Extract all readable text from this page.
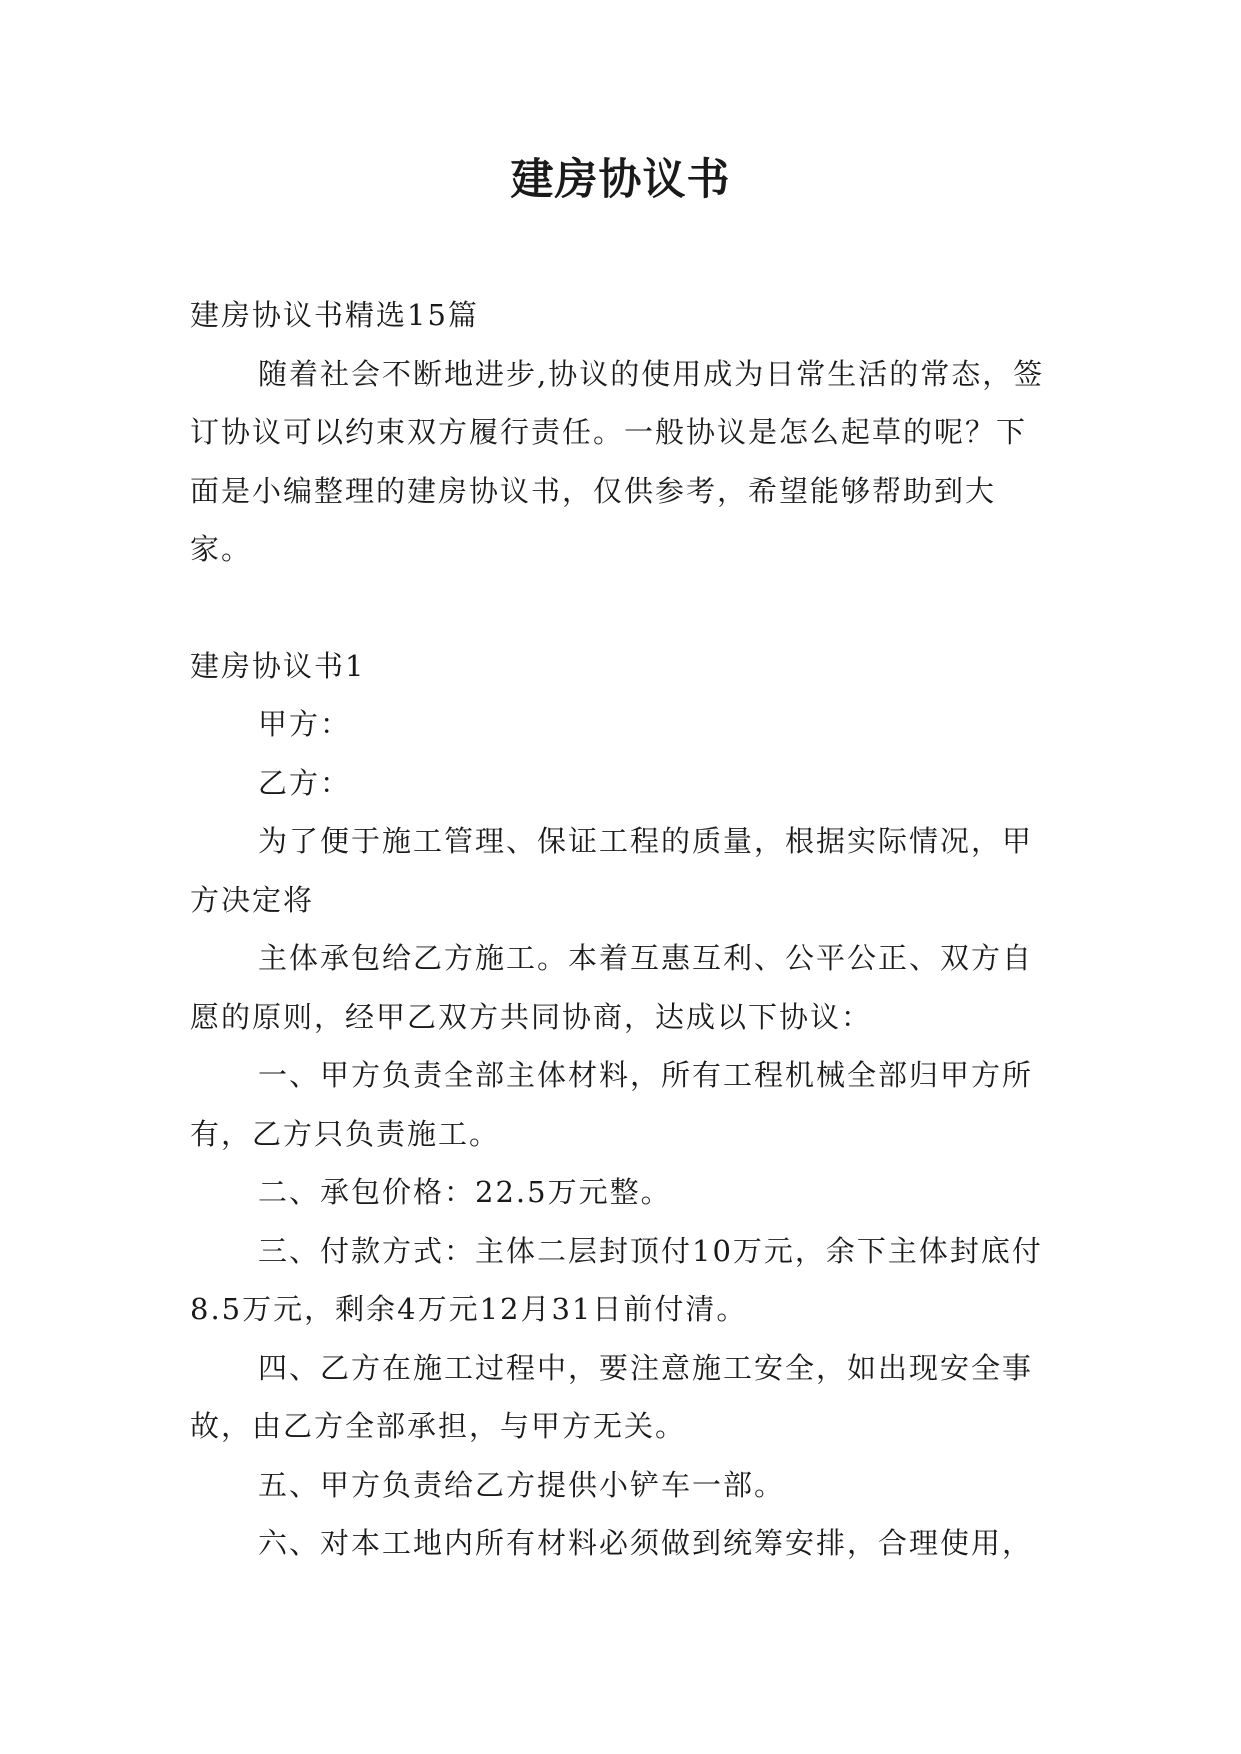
建房协议书

建房协议书精选15篇

随着社会不断地进步,协议的使用成为日常生活的常态，签订协议可以约束双方履行责任。一般协议是怎么起草的呢？下面是小编整理的建房协议书，仅供参考，希望能够帮助到大家。

建房协议书1

甲方：

乙方：

为了便于施工管理、保证工程的质量，根据实际情况，甲方决定将

主体承包给乙方施工。本着互惠互利、公平公正、双方自愿的原则，经甲乙双方共同协商，达成以下协议：

一、甲方负责全部主体材料，所有工程机械全部归甲方所有，乙方只负责施工。

二、承包价格：22.5万元整。

三、付款方式：主体二层封顶付10万元，余下主体封底付8.5万元，剩余4万元12月31日前付清。

四、乙方在施工过程中，要注意施工安全，如出现安全事故，由乙方全部承担，与甲方无关。

五、甲方负责给乙方提供小铲车一部。

六、对本工地内所有材料必须做到统筹安排，合理使用，
